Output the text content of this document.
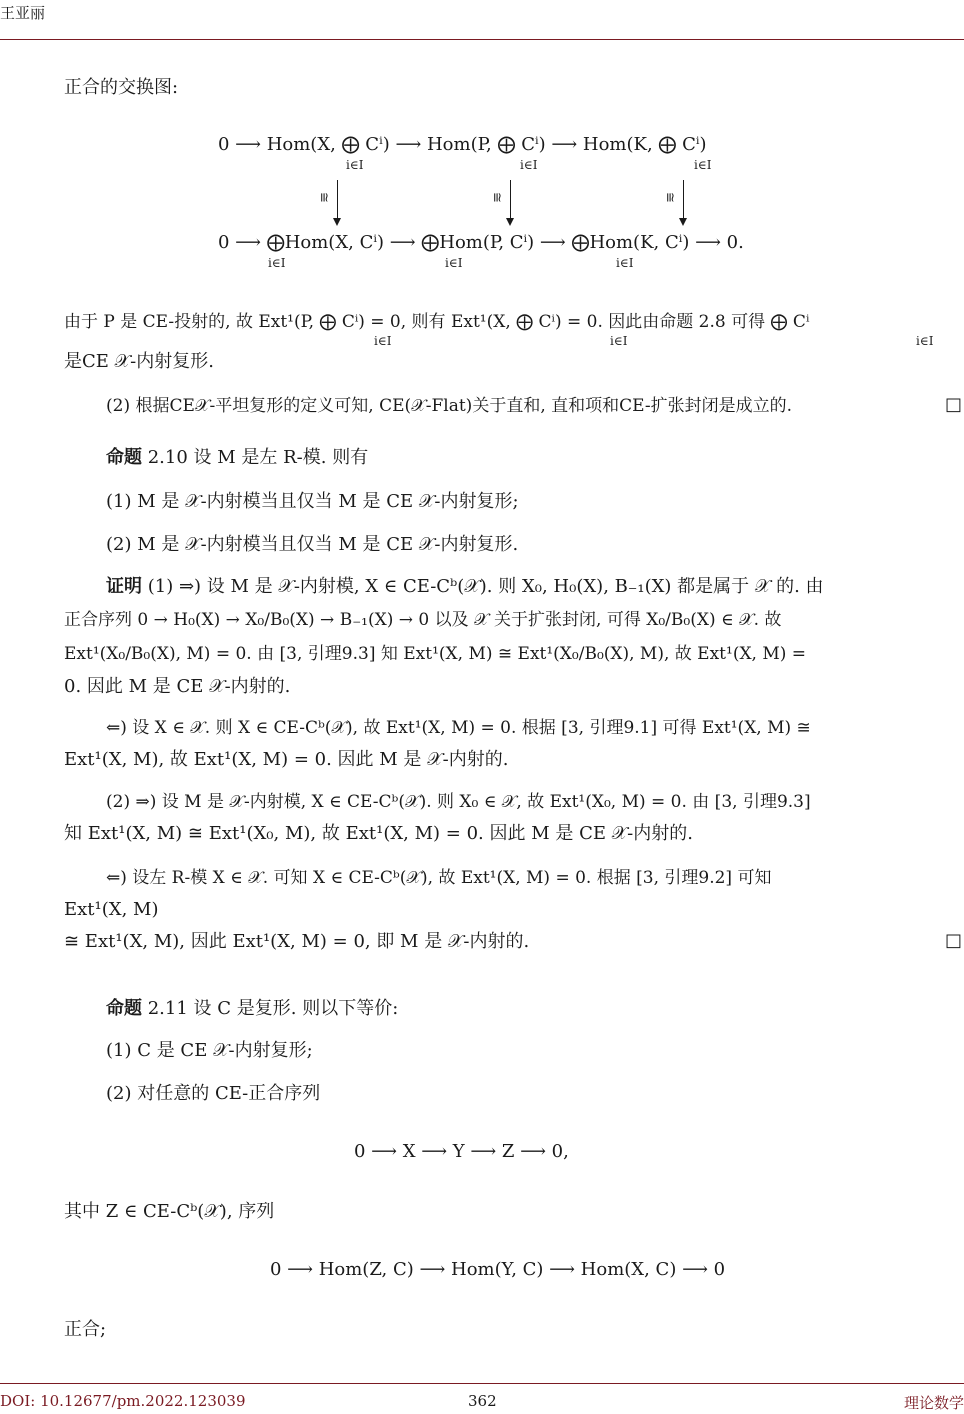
王亚丽
正合的交换图:
0 ⟶ Hom(X, ⨁ Cⁱ) ⟶ Hom(P, ⨁ Cⁱ) ⟶ Hom(K, ⨁ Cⁱ)
i∈I	i∈I	i∈I
≅	≅	≅
0 ⟶ ⨁Hom(X, Cⁱ) ⟶ ⨁Hom(P, Cⁱ) ⟶ ⨁Hom(K, Cⁱ) ⟶ 0.
i∈I	i∈I	i∈I
由于 P 是 CE-投射的, 故 Ext¹(P, ⨁ Cⁱ) = 0, 则有 Ext¹(X, ⨁ Cⁱ) = 0. 因此由命题 2.8 可得 ⨁ Cⁱ
i∈I	i∈I	i∈I
是CE 𝒳-内射复形.
(2) 根据CE𝒳-平坦复形的定义可知, CE(𝒳-Flat)关于直和, 直和项和CE-扩张封闭是成立的.	□
命题 2.10 设 M 是左 R-模. 则有
(1) M 是 𝒳-内射模当且仅当 M 是 CE 𝒳-内射复形;
(2) M 是 𝒳-内射模当且仅当 M 是 CE 𝒳-内射复形.
证明 (1) ⇒) 设 M 是 𝒳-内射模, X ∈ CE-Cᵇ(𝒳). 则 X₀, H₀(X), B₋₁(X) 都是属于 𝒳 的. 由
正合序列 0 → H₀(X) → X₀/B₀(X) → B₋₁(X) → 0 以及 𝒳 关于扩张封闭, 可得 X₀/B₀(X) ∈ 𝒳. 故
Ext¹(X₀/B₀(X), M) = 0. 由 [3, 引理9.3] 知 Ext¹(X, M) ≅ Ext¹(X₀/B₀(X), M), 故 Ext¹(X, M) =
0. 因此 M 是 CE 𝒳-内射的.
⇐) 设 X ∈ 𝒳. 则 X ∈ CE-Cᵇ(𝒳), 故 Ext¹(X, M) = 0. 根据 [3, 引理9.1] 可得 Ext¹(X, M) ≅
Ext¹(X, M), 故 Ext¹(X, M) = 0. 因此 M 是 𝒳-内射的.
(2) ⇒) 设 M 是 𝒳-内射模, X ∈ CE-Cᵇ(𝒳). 则 X₀ ∈ 𝒳, 故 Ext¹(X₀, M) = 0. 由 [3, 引理9.3]
知 Ext¹(X, M) ≅ Ext¹(X₀, M), 故 Ext¹(X, M) = 0. 因此 M 是 CE 𝒳-内射的.
⇐) 设左 R-模 X ∈ 𝒳. 可知 X ∈ CE-Cᵇ(𝒳), 故 Ext¹(X, M) = 0. 根据 [3, 引理9.2] 可知
Ext¹(X, M)
≅ Ext¹(X, M), 因此 Ext¹(X, M) = 0, 即 M 是 𝒳-内射的.	□
命题 2.11 设 C 是复形. 则以下等价:
(1) C 是 CE 𝒳-内射复形;
(2) 对任意的 CE-正合序列
0 ⟶ X ⟶ Y ⟶ Z ⟶ 0,
其中 Z ∈ CE-Cᵇ(𝒳), 序列
0 ⟶ Hom(Z, C) ⟶ Hom(Y, C) ⟶ Hom(X, C) ⟶ 0
正合;
DOI: 10.12677/pm.2022.123039	362	理论数学
